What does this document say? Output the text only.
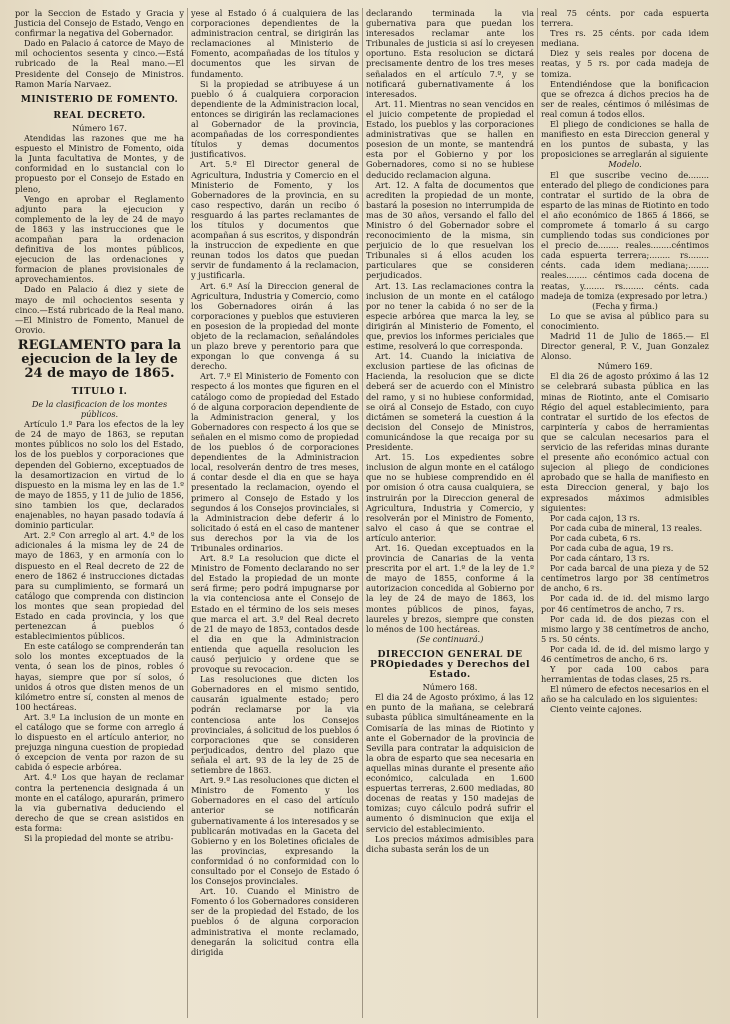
por la Seccion de Estado y Gracia y Justicia del Consejo de Estado, Vengo en confirmar la negativa del Gobernador.

Dado en Palacio á catorce de Mayo de mil ochocientos sesenta y cinco.—Está rubricado de la Real mano.—El Presidente del Consejo de Ministros. Ramon María Narvaez.

MINISTERIO DE FOMENTO.

REAL DECRETO.

Número 167.

Atendidas las razones que me ha espuesto el Ministro de Fomento, oida la Junta facultativa de Montes, y de conformidad en lo sustancial con lo propuesto por el Consejo de Estado en pleno,

Vengo en aprobar el Reglamento adjunto para la ejecucion y complemento de la ley de 24 de mayo de 1863 y las instrucciones que le acompañan para la ordenacion definitiva de los montes públicos, ejecucion de las ordenaciones y formacion de planes provisionales de aprovechamientos.

Dado en Palacio á diez y siete de mayo de mil ochocientos sesenta y cinco.—Está rubricado de la Real mano.—El Ministro de Fomento, Manuel de Orovio.

REGLAMENTO para la ejecucion de la ley de 24 de mayo de 1865.

TITULO I.

De la clasificacion de los montes públicos.

Artículo 1.º Para los efectos de la ley de 24 de mayo de 1863, se reputan montes públicos no solo los del Estado, los de los pueblos y corporaciones que dependen del Gobierno, exceptuados de la desamortizacion en virtud de lo dispuesto en la misma ley en las de 1.º de mayo de 1855, y 11 de julio de 1856, sino tambien los que, declarados enajenables, no hayan pasado todavía á dominio particular.

Art. 2.º Con arreglo al art. 4.º de los adicionales á la misma ley de 24 de mayo de 1863, y en armonía con lo dispuesto en el Real decreto de 22 de enero de 1862 é instrucciones dictadas para su cumplimiento, se formará un catálogo que comprenda con distincion los montes que sean propiedad del Estado en cada provincia, y los que pertenezcan á pueblos ó establecimientos públicos.

En este catálogo se comprenderán tan solo los montes exceptuados de la venta, ó sean los de pinos, robles ó hayas, siempre que por sí solos, ó unidos á otros que disten menos de un kilómetro entre sí, consten al menos de 100 hectáreas.

Art. 3.º La inclusion de un monte en el catálogo que se forme con arreglo á lo dispuesto en el artículo anterior, no prejuzga ninguna cuestion de propiedad ó excepcion de venta por razon de su cabida ó especie arbórea.

Art. 4.º Los que hayan de reclamar contra la pertenencia designada á un monte en el catálogo, apurarán, primero la via gubernativa deduciendo el derecho de que se crean asistidos en esta forma:

Si la propiedad del monte se atribu-

yese al Estado ó á cualquiera de las corporaciones dependientes de la administracion central, se dirigirán las reclamaciones al Ministerio de Fomento, acompañadas de los títulos y documentos que les sirvan de fundamento.

Si la propiedad se atribuyese á un pueblo ó á cualquiera corporacion dependiente de la Administracion local, entonces se dirigirán las reclamaciones al Gobernador de la provincia, acompañadas de los correspondientes títulos y demas documentos justificativos.

Art. 5.º El Director general de Agricultura, Industria y Comercio en el Ministerio de Fomento, y los Gobernadores de la provincia, en su caso respectivo, darán un recibo ó resguardo á las partes reclamantes de los títulos y documentos que acompañan á sus escritos, y dispondrán la instruccion de expediente en que reunan todos los datos que puedan servir de fundamento á la reclamacion, y justificarla.

Art. 6.º Así la Direccion general de Agricultura, Industria y Comercio, como los Gobernadores oirán á las corporaciones y pueblos que estuvieren en posesion de la propiedad del monte objeto de la reclamacion, señalándoles un plazo breve y perentorio para que expongan lo que convenga á su derecho.

Art. 7.º El Ministerio de Fomento con respecto á los montes que figuren en el catálogo como de propiedad del Estado ó de alguna corporacion dependiente de la Administracion general, y los Gobernadores con respecto á los que se señalen en el mismo como de propiedad de los pueblos ó de corporaciones dependientes de la Administracion local, resolverán dentro de tres meses, á contar desde el dia en que se haya presentado la reclamacion, oyendo el primero al Consejo de Estado y los segundos á los Consejos provinciales, si la Administracion debe deferir á lo solicitado ó está en el caso de mantener sus derechos por la via de los Tribunales ordinarios.

Art. 8.º La resolucion que dicte el Ministro de Fomento declarando no ser del Estado la propiedad de un monte será firme; pero podrá impugnarse por la via contenciosa ante el Consejo de Estado en el término de los seis meses que marca el art. 3.º del Real decreto de 21 de mayo de 1853, contados desde el dia en que la Administracion entienda que aquella resolucion les causó perjuicio y ordene que se provoque su revocacion.

Las resoluciones que dicten los Gobernadores en el mismo sentido, causarán igualmente estado; pero podrán reclamarse por la via contenciosa ante los Consejos provinciales, á solicitud de los pueblos ó corporaciones que se consideren perjudicados, dentro del plazo que señala el art. 93 de la ley de 25 de setiembre de 1863.

Art. 9.º Las resoluciones que dicten el Ministro de Fomento y los Gobernadores en el caso del artículo anterior se notificarán gubernativamente á los interesados y se publicarán motivadas en la Gaceta del Gobierno y en los Boletines oficiales de las provincias, expresando la conformidad ó no conformidad con lo consultado por el Consejo de Estado ó los Consejos provinciales.

Art. 10. Cuando el Ministro de Fomento ó los Gobernadores consideren ser de la propiedad del Estado, de los pueblos ó de alguna corporacion administrativa el monte reclamado, denegarán la solicitud contra ella dirigida

declarando terminada la via gubernativa para que puedan los interesados reclamar ante los Tribunales de justicia si así lo creyesen oportuno. Esta resolucion se dictará precisamente dentro de los tres meses señalados en el artículo 7.º, y se notificará gubernativamente á los interesados.

Art. 11. Mientras no sean vencidos en el juicio competente de propiedad el Estado, los pueblos y las corporaciones administrativas que se hallen en posesion de un monte, se mantendrá esta por el Gobierno y por los Gobernadores, como si no se hubiese deducido reclamacion alguna.

Art. 12. A falta de documentos que acrediten la propiedad de un monte, bastará la posesion no interrumpida de mas de 30 años, versando el fallo del Ministro ó del Gobernador sobre el reconocimiento de la misma, sin perjuicio de lo que resuelvan los Tribunales si á ellos acuden los particulares que se consideren perjudicados.

Art. 13. Las reclamaciones contra la inclusion de un monte en el catálogo por no tener la cabida ó no ser de la especie arbórea que marca la ley, se dirigirán al Ministerio de Fomento, el que, previos los informes periciales que estime, resolverá lo que corresponda.

Art. 14. Cuando la iniciativa de exclusion partiese de las oficinas de Hacienda, la resolucion que se dicte deberá ser de acuerdo con el Ministro del ramo, y si no hubiese conformidad, se oirá al Consejo de Estado, con cuyo dictámen se someterá la cuestion á la decision del Consejo de Ministros, comunicándose la que recaiga por su Presidente.

Art. 15. Los expedientes sobre inclusion de algun monte en el catálogo que no se hubiese comprendido en él por omision ó otra causa cualquiera, se instruirán por la Direccion general de Agricultura, Industria y Comercio, y resolverán por el Ministro de Fomento, salvo el caso á que se contrae el artículo anterior.

Art. 16. Quedan exceptuados en la provincia de Canarias de la venta prescrita por el art. 1.º de la ley de 1.º de mayo de 1855, conforme á la autorizacion concedida al Gobierno por la ley de 24 de mayo de 1863, los montes públicos de pinos, fayas, laureles y brezos, siempre que consten lo ménos de 100 hectáreas.

(Se continuará.)

DIRECCION GENERAL DE PROpiedades y Derechos del Estado.

Número 168.

El dia 24 de Agosto próximo, á las 12 en punto de la mañana, se celebrará subasta pública simultáneamente en la Comisaría de las minas de Riotinto y ante el Gobernador de la provincia de Sevilla para contratar la adquisicion de la obra de esparto que sea necesaria en aquellas minas durante el presente año económico, calculada en 1.600 espuertas terreras, 2.600 mediadas, 80 docenas de reatas y 150 madejas de tomizas; cuyo cálculo podrá sufrir el aumento ó disminucion que exija el servicio del establecimiento.

Los precios máximos admisibles para dicha subasta serán los de un

real 75 cénts. por cada espuerta terrera.

Tres rs. 25 cénts. por cada idem mediana.

Diez y seis reales por docena de reatas, y 5 rs. por cada madeja de tomiza.

Entendiéndose que la bonificacion que se ofrezca á dichos precios ha de ser de reales, céntimos ó milésimas de real comun á todos ellos.

El pliego de condiciones se halla de manifiesto en esta Direccion general y en los puntos de subasta, y las proposiciones se arreglarán al siguiente

Modelo.

El que suscribe vecino de........ enterado del pliego de condiciones para contratar el surtido de la obra de esparto de las minas de Riotinto en todo el año económico de 1865 á 1866, se compromete á tomarlo á su cargo cumpliendo todas sus condiciones por el precio de........ reales........céntimos cada espuerta terrera;........ rs........ cénts. cada idem mediana;........ reales........ céntimos cada docena de reatas, y........ rs........ cénts. cada madeja de tomiza (expresado por letra.)

(Fecha y firma.)

Lo que se avisa al público para su conocimiento.

Madrid 11 de Julio de 1865.— El Director general, P. V., Juan Gonzalez Alonso.

Número 169.

El dia 26 de agosto próximo á las 12 se celebrará subasta pública en las minas de Riotinto, ante el Comisario Régio del aquel establecimiento, para contratar el surtido de los efectos de carpintería y cabos de herramientas que se calculan necesarios para el servicio de las referidas minas durante el presente año económico actual con sujecion al pliego de condiciones aprobado que se halla de manifiesto en esta Direccion general, y bajo los expresados máximos admisibles siguientes:

Por cada cajon, 13 rs.

Por cada cuba de mineral, 13 reales.

Por cada cubeta, 6 rs.

Por cada cuba de agua, 19 rs.

Por cada cántaro, 13 rs.

Por cada barcal de una pieza y de 52 centímetros largo por 38 centímetros de ancho, 6 rs.

Por cada id. de id. del mismo largo por 46 centímetros de ancho, 7 rs.

Por cada id. de dos piezas con el mismo largo y 38 centímetros de ancho, 5 rs. 50 cénts.

Por cada id. de id. del mismo largo y 46 centímetros de ancho, 6 rs.

Y por cada 100 cabos para herramientas de todas clases, 25 rs.

El número de efectos necesarios en el año se ha calculado en los siguientes:

Ciento veinte cajones.
